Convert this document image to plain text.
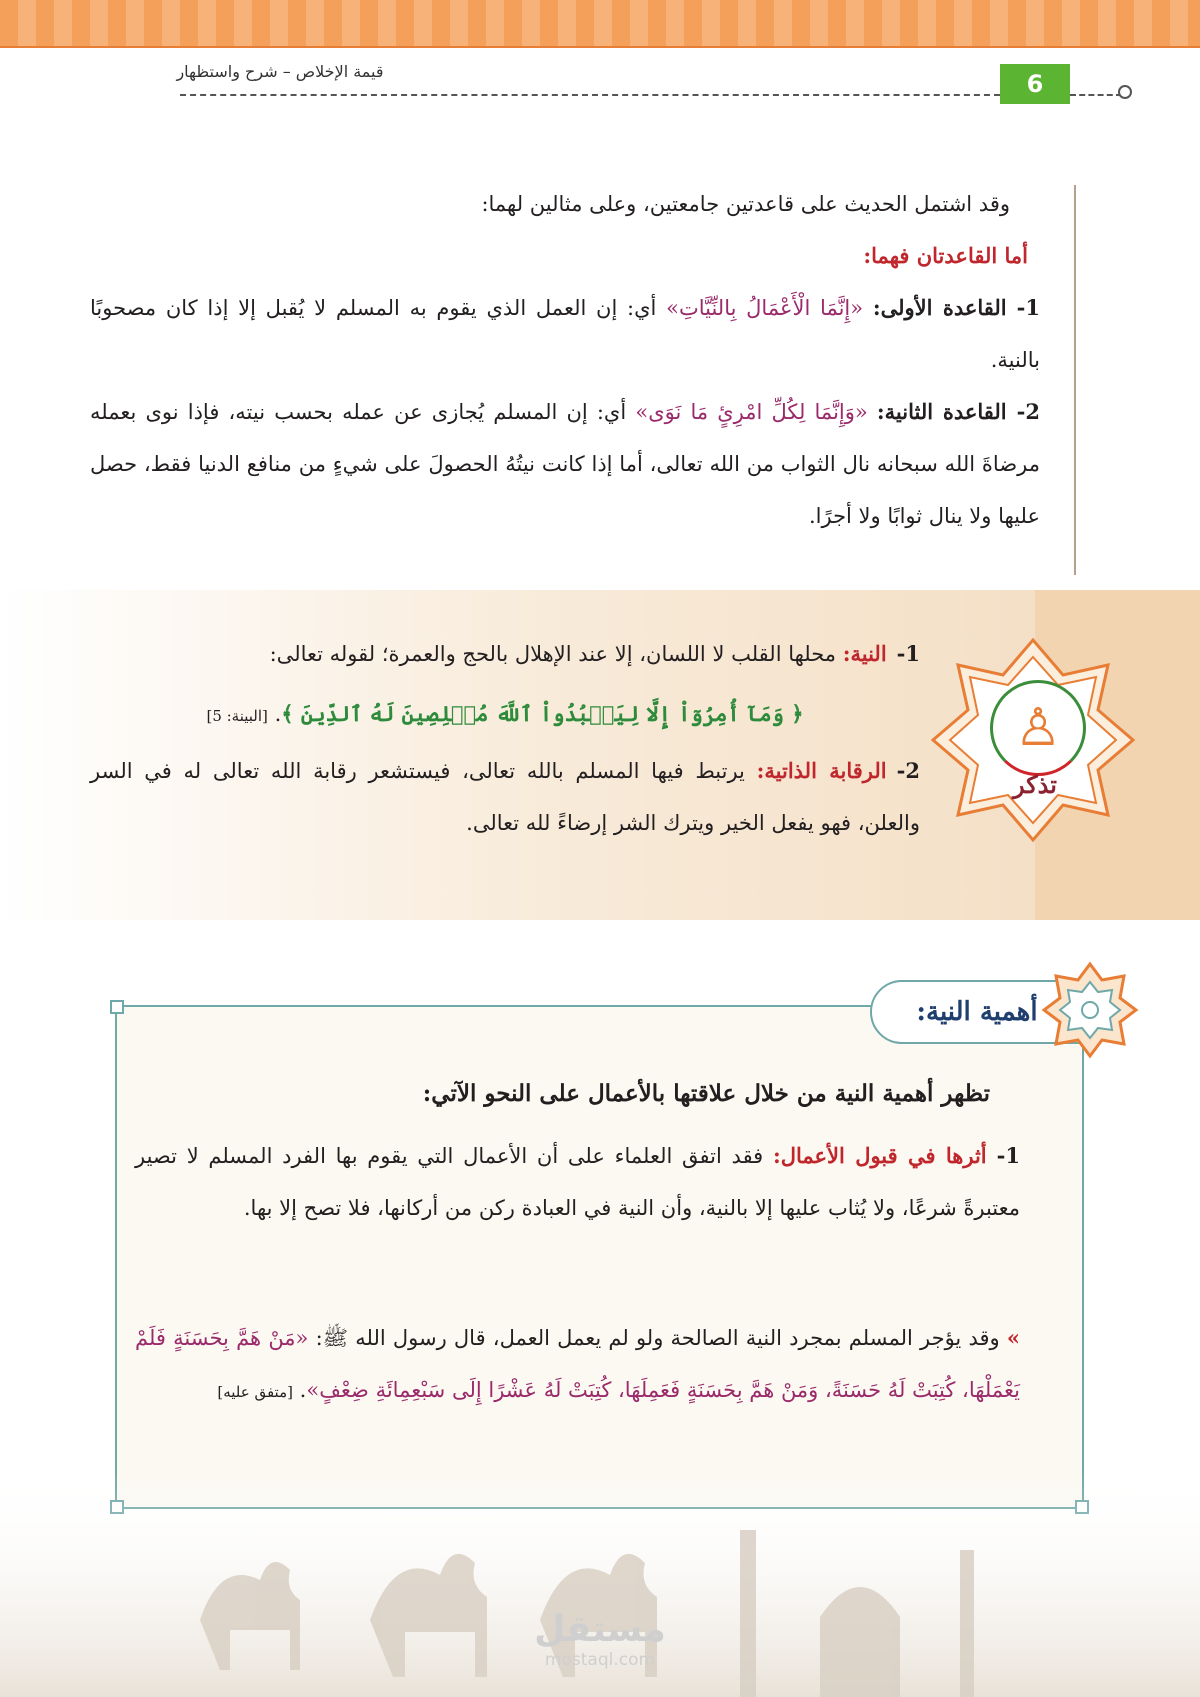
قيمة الإخلاص – شرح واستظهار	6
وقد اشتمل الحديث على قاعدتين جامعتين، وعلى مثالين لهما:
أما القاعدتان فهما:
1-القاعدة الأولى: «إِنَّمَا الْأَعْمَالُ بِالنِّيَّاتِ» أي: إن العمل الذي يقوم به المسلم لا يُقبل إلا إذا كان مصحوبًا بالنية.
2-القاعدة الثانية: «وَإِنَّمَا لِكُلِّ امْرِئٍ مَا نَوَى» أي: إن المسلم يُجازى عن عمله بحسب نيته، فإذا نوى بعمله مرضاةَ الله سبحانه نال الثواب من الله تعالى، أما إذا كانت نيتُهُ الحصولَ على شيءٍ من منافع الدنيا فقط، حصل عليها ولا ينال ثوابًا ولا أجرًا.
♙
تذكر
1-النية: محلها القلب لا اللسان، إلا عند الإهلال بالحج والعمرة؛ لقوله تعالى:
﴿ وَمَآ أُمِرُوٓاْ إِلَّا لِيَعۡبُدُواْ ٱللَّهَ مُخۡلِصِينَ لَهُ ٱلدِّينَ ﴾. [البينة: 5]
2-الرقابة الذاتية: يرتبط فيها المسلم بالله تعالى، فيستشعر رقابة الله تعالى له في السر والعلن، فهو يفعل الخير ويترك الشر إرضاءً لله تعالى.
أهمية النية:
تظهر أهمية النية من خلال علاقتها بالأعمال على النحو الآتي:
1-أثرها في قبول الأعمال: فقد اتفق العلماء على أن الأعمال التي يقوم بها الفرد المسلم لا تصير معتبرةً شرعًا، ولا يُثاب عليها إلا بالنية، وأن النية في العبادة ركن من أركانها، فلا تصح إلا بها.
» وقد يؤجر المسلم بمجرد النية الصالحة ولو لم يعمل العمل، قال رسول الله ﷺ: «مَنْ هَمَّ بِحَسَنَةٍ فَلَمْ يَعْمَلْهَا، كُتِبَتْ لَهُ حَسَنَةً، وَمَنْ هَمَّ بِحَسَنَةٍ فَعَمِلَهَا، كُتِبَتْ لَهُ عَشْرًا إِلَى سَبْعِمِائَةِ ضِعْفٍ». [متفق عليه]
مستقل
mostaql.com
